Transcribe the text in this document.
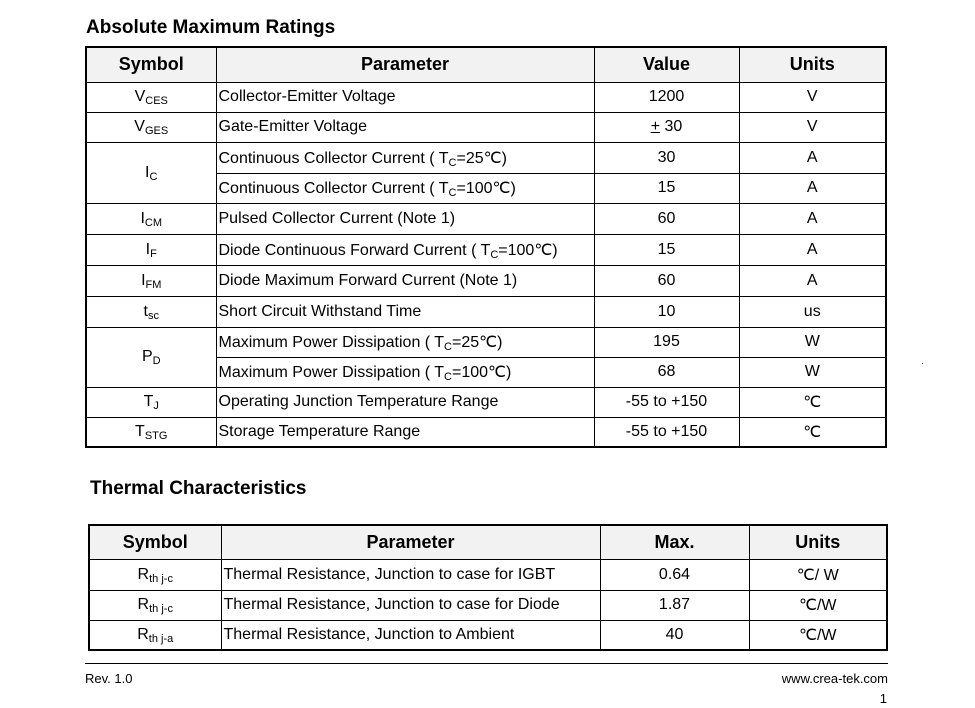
Absolute Maximum Ratings
Symbol	Parameter	Value	Units
$V_{CES}$	Collector-Emitter Voltage	1200	V
$V_{GES}$	Gate-Emitter Voltage	+ 30	V
$I_C$	Continuous Collector Current ( $T_C=25℃$)	30	A
	Continuous Collector Current ( $T_C=100℃$)	15	A
$I_{CM}$	Pulsed Collector Current (Note 1)	60	A
$I_F$	Diode Continuous Forward Current ( $T_C=100℃$)	15	A
$I_{FM}$	Diode Maximum Forward Current (Note 1)	60	A
$t_{sc}$	Short Circuit Withstand Time	10	us
$P_D$	Maximum Power Dissipation ( $T_C=25℃$)	195	W
	Maximum Power Dissipation ( $T_C=100℃$)	68	W
$T_J$	Operating Junction Temperature Range	-55 to +150	℃
$T_{STG}$	Storage Temperature Range	-55 to +150	℃
Thermal Characteristics
Symbol	Parameter	Max.	Units
$R_{th j-c}$	Thermal Resistance, Junction to case for IGBT	0.64	℃/ W
$R_{th j-c}$	Thermal Resistance, Junction to case for Diode	1.87	℃/W
$R_{th j-a}$	Thermal Resistance, Junction to Ambient	40	℃/W
Rev. 1.0	www.crea-tek.com
1
